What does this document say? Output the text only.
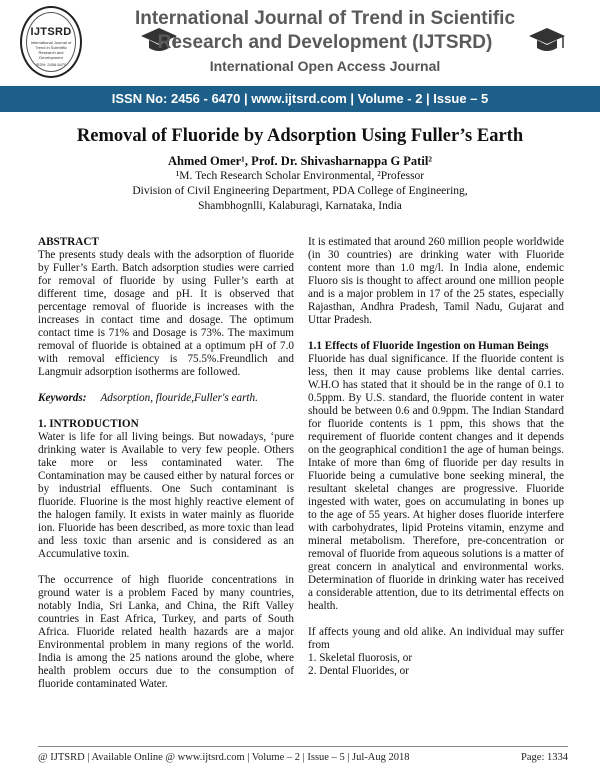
IJTSRD
International Journal of Trend in Scientific Research and Development
ISSN: 2456-6470
International Journal of Trend in Scientific
Research and Development (IJTSRD)
International Open Access Journal
ISSN No: 2456 - 6470 | www.ijtsrd.com | Volume - 2 | Issue – 5
Removal of Fluoride by Adsorption Using Fuller’s Earth
Ahmed Omer¹, Prof. Dr. Shivasharnappa G Patil²
¹M. Tech Research Scholar Environmental, ²Professor
Division of Civil Engineering Department, PDA College of Engineering,
Shambhognlli, Kalaburagi, Karnataka, India

ABSTRACT

The presents study deals with the adsorption of fluoride by Fuller’s Earth. Batch adsorption studies were carried for removal of fluoride by using Fuller’s earth at different time, dosage and pH. It is observed that percentage removal of fluoride is increases with the increases in contact time and dosage. The optimum contact time is 71% and Dosage is 73%. The maximum removal of fluoride is obtained at a optimum pH of 7.0 with removal efficiency is 75.5%.Freundlich and Langmuir adsorption isotherms are followed.

Keywords: Adsorption, flouride,Fuller's earth.

1. INTRODUCTION

Water is life for all living beings. But nowadays, ‘pure drinking water is Available to very few people. Others take more or less contaminated water. The Contamination may be caused either by natural forces or by industrial effluents. One Such contaminant is fluoride. Fluorine is the most highly reactive element of the halogen family. It exists in water mainly as fluoride ion. Fluoride has been described, as more toxic than lead and less toxic than arsenic and is considered as an Accumulative toxin.

The occurrence of high fluoride concentrations in ground water is a problem Faced by many countries, notably India, Sri Lanka, and China, the Rift Valley countries in East Africa, Turkey, and parts of South Africa. Fluoride related health hazards are a major Environmental problem in many regions of the world. India is among the 25 nations around the globe, where health problem occurs due to the consumption of fluoride contaminated Water.

It is estimated that around 260 million people worldwide (in 30 countries) are drinking water with Fluoride content more than 1.0 mg/l. In India alone, endemic Fluoro sis is thought to affect around one million people and is a major problem in 17 of the 25 states, especially Rajasthan, Andhra Pradesh, Tamil Nadu, Gujarat and Uttar Pradesh.

1.1 Effects of Fluoride Ingestion on Human Beings

Fluoride has dual significance. If the fluoride content is less, then it may cause problems like dental carries. W.H.O has stated that it should be in the range of 0.1 to 0.5ppm. By U.S. standard, the fluoride content in water should be between 0.6 and 0.9ppm. The Indian Standard for fluoride contents is 1 ppm, this shows that the requirement of fluoride content changes and it depends on the geographical condition1 the age of human beings. Intake of more than 6mg of fluoride per day results in Fluoride being a cumulative bone seeking mineral, the resultant skeletal changes are progressive. Fluoride ingested with water, goes on accumulating in bones up to the age of 55 years. At higher doses fluoride interfere with carbohydrates, lipid Proteins vitamin, enzyme and mineral metabolism. Therefore, pre-concentration or removal of fluoride from aqueous solutions is a matter of great concern in analytical and environmental works. Determination of fluoride in drinking water has received a considerable attention, due to its detrimental effects on health.

If affects young and old alike. An individual may suffer from

1. Skeletal fluorosis, or
2. Dental Fluorides, or
@ IJTSRD | Available Online @ www.ijtsrd.com | Volume – 2 | Issue – 5 | Jul-Aug 2018	Page: 1334
